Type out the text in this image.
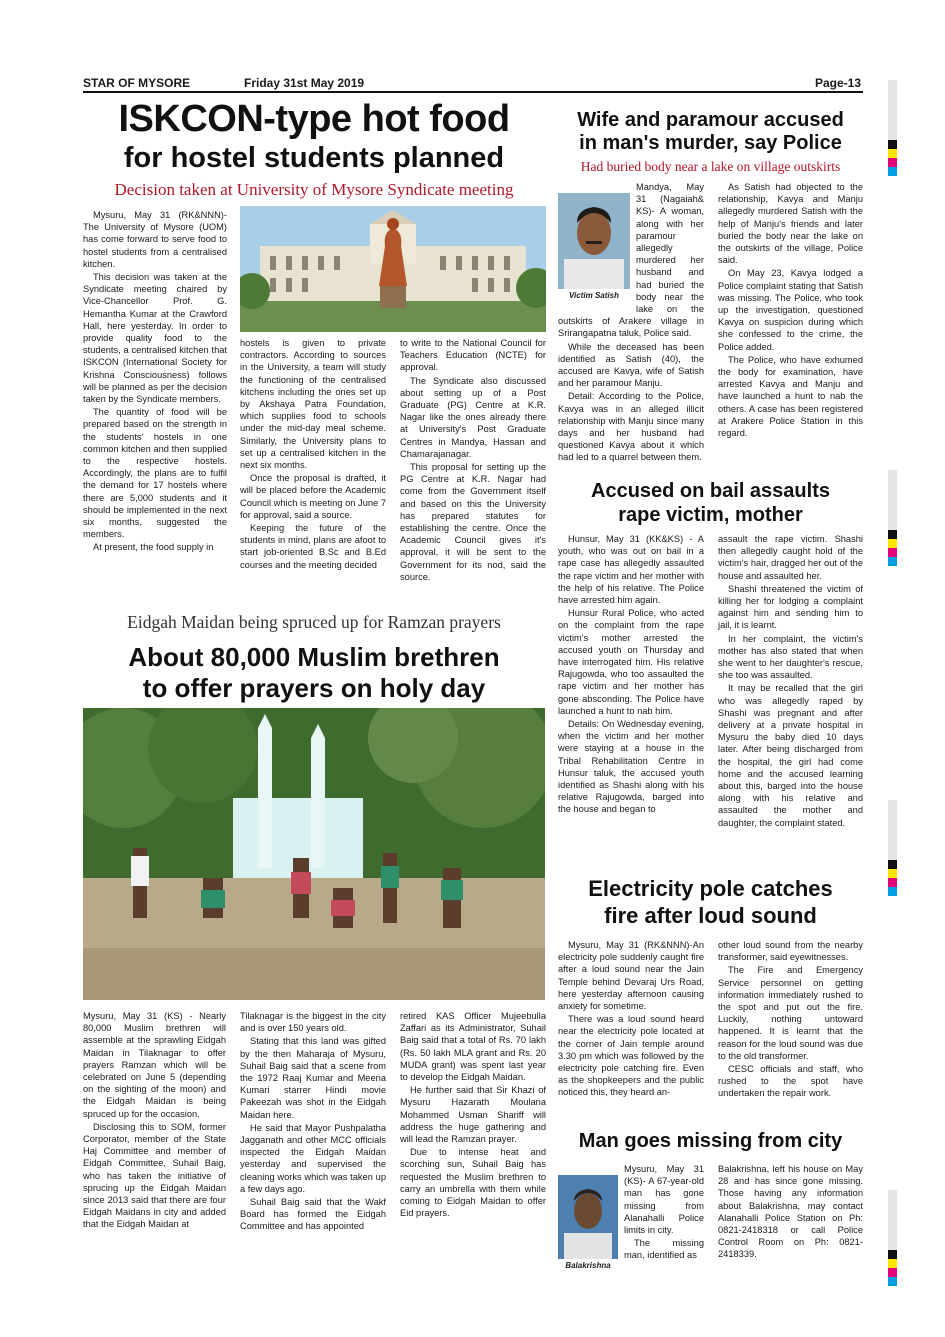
STAR OF MYSORE	Friday 31st May 2019	Page-13
ISKCON-type hot food
for hostel students planned
Decision taken at University of Mysore Syndicate meeting

Mysuru, May 31 (RK&NNN)- The University of Mysore (UOM) has come forward to serve food to hostel students from a centralised kitchen.

This decision was taken at the Syndicate meeting chaired by Vice-Chancellor Prof. G. Hemantha Kumar at the Crawford Hall, here yesterday. In order to provide quality food to the students, a centralised kitchen that ISKCON (International Society for Krishna Consciousness) follows will be planned as per the decision taken by the Syndicate members.

The quantity of food will be prepared based on the strength in the students' hostels in one common kitchen and then supplied to the respective hostels. Accordingly, the plans are to fulfil the demand for 17 hostels where there are 5,000 students and it should be implemented in the next six months, suggested the members.

At present, the food supply in

hostels is given to private contractors. According to sources in the University, a team will study the functioning of the centralised kitchens including the ones set up by Akshaya Patra Foundation, which supplies food to schools under the mid-day meal scheme. Similarly, the University plans to set up a centralised kitchen in the next six months.

Once the proposal is drafted, it will be placed before the Academic Council which is meeting on June 7 for approval, said a source.

Keeping the future of the students in mind, plans are afoot to start job-oriented B.Sc and B.Ed courses and the meeting decided

to write to the National Council for Teachers Education (NCTE) for approval.

The Syndicate also discussed about setting up of a Post Graduate (PG) Centre at K.R. Nagar like the ones already there at University's Post Graduate Centres in Mandya, Hassan and Chamarajanagar.

This proposal for setting up the PG Centre at K.R. Nagar had come from the Government itself and based on this the University has prepared statutes for establishing the centre. Once the Academic Council gives it's approval, it will be sent to the Government for its nod, said the source.

Eidgah Maidan being spruced up for Ramzan prayers
About 80,000 Muslim brethren
to offer prayers on holy day

Mysuru, May 31 (KS) - Nearly 80,000 Muslim brethren will assemble at the sprawling Eidgah Maidan in Tilaknagar to offer prayers Ramzan which will be celebrated on June 5 (depending on the sighting of the moon) and the Eidgah Maidan is being spruced up for the occasion.

Disclosing this to SOM, former Corporator, member of the State Haj Committee and member of Eidgah Committee, Suhail Baig, who has taken the initiative of sprucing up the Eidgah Maidan since 2013 said that there are four Eidgah Maidans in city and added that the Eidgah Maidan at

Tilaknagar is the biggest in the city and is over 150 years old.

Stating that this land was gifted by the then Maharaja of Mysuru, Suhail Baig said that a scene from the 1972 Raaj Kumar and Meena Kumari starrer Hindi movie Pakeezah was shot in the Eidgah Maidan here.

He said that Mayor Pushpalatha Jagganath and other MCC officials inspected the Eidgah Maidan yesterday and supervised the cleaning works which was taken up a few days ago.

Suhail Baig said that the Wakf Board has formed the Eidgah Committee and has appointed

retired KAS Officer Mujeebulla Zaffari as its Administrator, Suhail Baig said that a total of Rs. 70 lakh (Rs. 50 lakh MLA grant and Rs. 20 MUDA grant) was spent last year to develop the Eidgah Maidan.

He further said that Sir Khazi of Mysuru Hazarath Moulana Mohammed Usman Shariff will address the huge gathering and will lead the Ramzan prayer.

Due to intense heat and scorching sun, Suhail Baig has requested the Muslim brethren to carry an umbrella with them while coming to Eidgah Maidan to offer Eid prayers.

Wife and paramour accused
in man's murder, say Police
Had buried body near a lake on village outskirts
Victim Satish

Mandya, May 31 (Nagaiah& KS)- A woman, along with her paramour allegedly murdered her husband and had buried the body near the lake on the outskirts of Arakere village in Srirangapatna taluk, Police said.

While the deceased has been identified as Satish (40), the accused are Kavya, wife of Satish and her paramour Manju.

Detail: According to the Police, Kavya was in an alleged illicit relationship with Manju since many days and her husband had questioned Kavya about it which had led to a quarrel between them.

As Satish had objected to the relationship, Kavya and Manju allegedly murdered Satish with the help of Manju's friends and later buried the body near the lake on the outskirts of the village, Police said.

On May 23, Kavya lodged a Police complaint stating that Satish was missing. The Police, who took up the investigation, questioned Kavya on suspicion during which she confessed to the crime, the Police added.

The Police, who have exhumed the body for examination, have arrested Kavya and Manju and have launched a hunt to nab the others. A case has been registered at Arakere Police Station in this regard.

Accused on bail assaults
rape victim, mother

Hunsur, May 31 (KK&KS) - A youth, who was out on bail in a rape case has allegedly assaulted the rape victim and her mother with the help of his relative. The Police have arrested him again.

Hunsur Rural Police, who acted on the complaint from the rape victim's mother arrested the accused youth on Thursday and have interrogated him. His relative Rajugowda, who too assaulted the rape victim and her mother has gone absconding. The Police have launched a hunt to nab him.

Details: On Wednesday evening, when the victim and her mother were staying at a house in the Tribal Rehabilitation Centre in Hunsur taluk, the accused youth identified as Shashi along with his relative Rajugowda, barged into the house and began to

assault the rape victim. Shashi then allegedly caught hold of the victim's hair, dragged her out of the house and assaulted her.

Shashi threatened the victim of killing her for lodging a complaint against him and sending him to jail, it is learnt.

In her complaint, the victim's mother has also stated that when she went to her daughter's rescue, she too was assaulted.

It may be recalled that the girl who was allegedly raped by Shashi was pregnant and after delivery at a private hospital in Mysuru the baby died 10 days later. After being discharged from the hospital, the girl had come home and the accused learning about this, barged into the house along with his relative and assaulted the mother and daughter, the complaint stated.

Electricity pole catches
fire after loud sound

Mysuru, May 31 (RK&NNN)-An electricity pole suddenly caught fire after a loud sound near the Jain Temple behind Devaraj Urs Road, here yesterday afternoon causing anxiety for sometime.

There was a loud sound heard near the electricity pole located at the corner of Jain temple around 3.30 pm which was followed by the electricity pole catching fire. Even as the shopkeepers and the public noticed this, they heard an-

other loud sound from the nearby transformer, said eyewitnesses.

The Fire and Emergency Service personnel on getting information immediately rushed to the spot and put out the fire. Luckily, nothing untoward happened. It is learnt that the reason for the loud sound was due to the old transformer.

CESC officials and staff, who rushed to the spot have undertaken the repair work.

Man goes missing from city
Balakrishna

Mysuru, May 31 (KS)- A 67-year-old man has gone missing from Alanahalli Police limits in city.

The missing man, identified as

Balakrishna, left his house on May 28 and has since gone missing. Those having any information about Balakrishna, may contact Alanahalli Police Station on Ph: 0821-2418318 or call Police Control Room on Ph: 0821-2418339.
